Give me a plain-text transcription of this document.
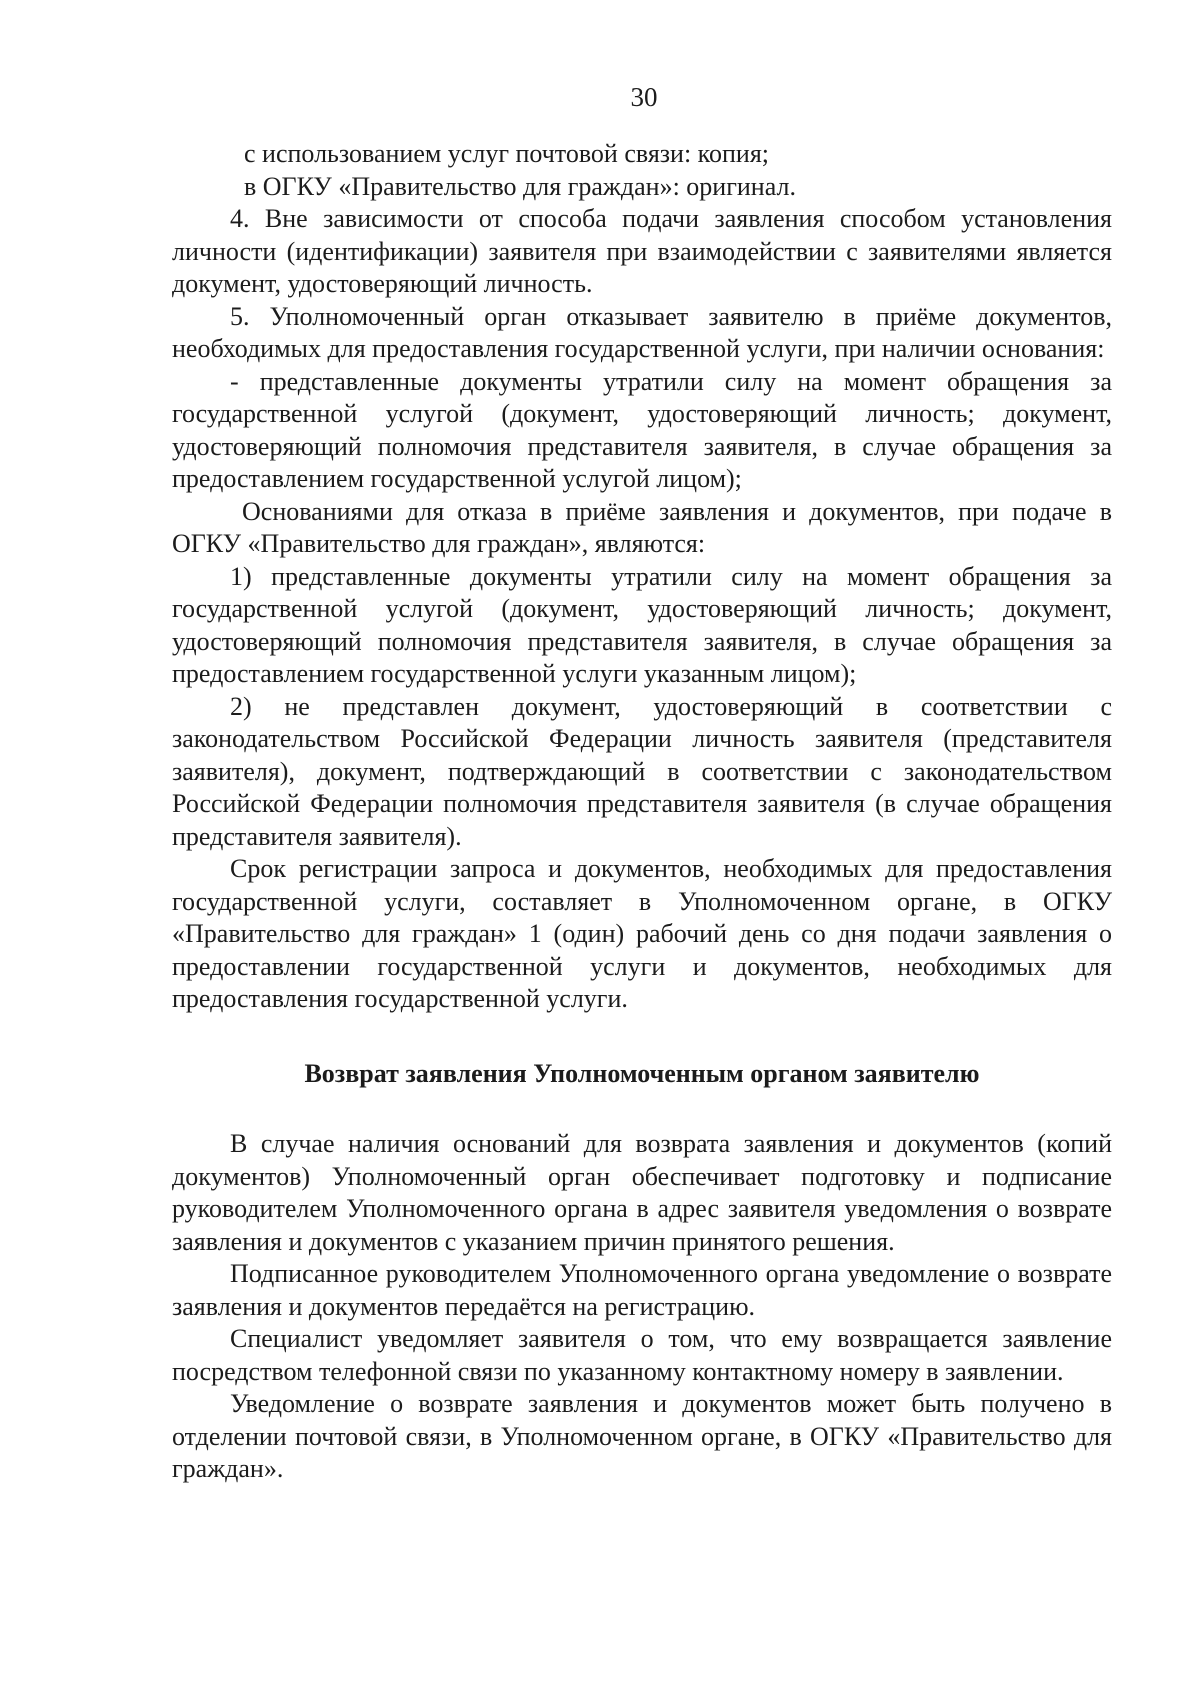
30

с использованием услуг почтовой связи: копия;

в ОГКУ «Правительство для граждан»: оригинал.

4. Вне зависимости от способа подачи заявления способом установления личности (идентификации) заявителя при взаимодействии с заявителями является документ, удостоверяющий личность.

5. Уполномоченный орган отказывает заявителю в приёме документов, необходимых для предоставления государственной услуги, при наличии основания:

- представленные документы утратили силу на момент обращения за государственной услугой (документ, удостоверяющий личность; документ, удостоверяющий полномочия представителя заявителя, в случае обращения за предоставлением государственной услугой лицом);

Основаниями для отказа в приёме заявления и документов, при подаче в ОГКУ «Правительство для граждан», являются:

1) представленные документы утратили силу на момент обращения за государственной услугой (документ, удостоверяющий личность; документ, удостоверяющий полномочия представителя заявителя, в случае обращения за предоставлением государственной услуги указанным лицом);

2) не представлен документ, удостоверяющий в соответствии с законодательством Российской Федерации личность заявителя (представителя заявителя), документ, подтверждающий в соответствии с законодательством Российской Федерации полномочия представителя заявителя (в случае обращения представителя заявителя).

Срок регистрации запроса и документов, необходимых для предоставления государственной услуги, составляет в Уполномоченном органе, в ОГКУ «Правительство для граждан» 1 (один) рабочий день со дня подачи заявления о предоставлении государственной услуги и документов, необходимых для предоставления государственной услуги.

Возврат заявления Уполномоченным органом заявителю

В случае наличия оснований для возврата заявления и документов (копий документов) Уполномоченный орган обеспечивает подготовку и подписание руководителем Уполномоченного органа в адрес заявителя уведомления о возврате заявления и документов с указанием причин принятого решения.

Подписанное руководителем Уполномоченного органа уведомление о возврате заявления и документов передаётся на регистрацию.

Специалист уведомляет заявителя о том, что ему возвращается заявление посредством телефонной связи по указанному контактному номеру в заявлении.

Уведомление о возврате заявления и документов может быть получено в отделении почтовой связи, в Уполномоченном органе, в ОГКУ «Правительство для граждан».
